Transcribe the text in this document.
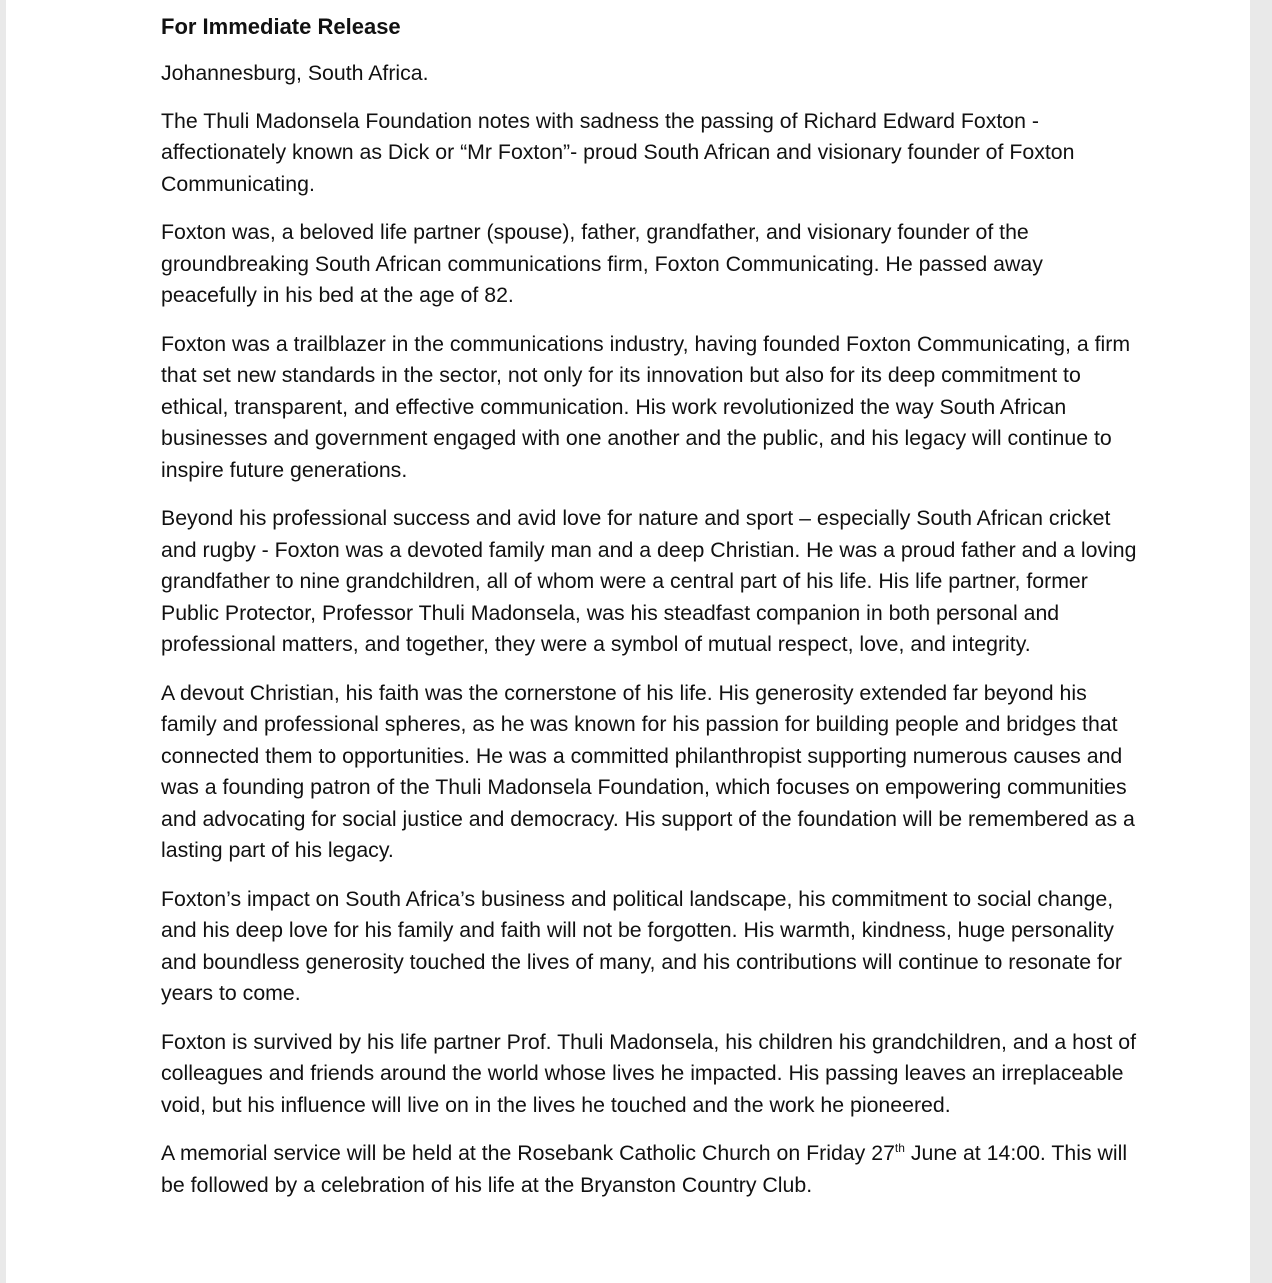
For Immediate Release

Johannesburg, South Africa.

The Thuli Madonsela Foundation notes with sadness the passing of Richard Edward Foxton - affectionately known as Dick or “Mr Foxton”- proud South African and visionary founder of Foxton Communicating.

Foxton was, a beloved life partner (spouse), father, grandfather, and visionary founder of the groundbreaking South African communications firm, Foxton Communicating. He passed away peacefully in his bed at the age of 82.

Foxton was a trailblazer in the communications industry, having founded Foxton Communicating, a firm that set new standards in the sector, not only for its innovation but also for its deep commitment to ethical, transparent, and effective communication. His work revolutionized the way South African businesses and government engaged with one another and the public, and his legacy will continue to inspire future generations.

Beyond his professional success and avid love for nature and sport – especially South African cricket and rugby - Foxton was a devoted family man and a deep Christian. He was a proud father and a loving grandfather to nine grandchildren, all of whom were a central part of his life. His life partner, former Public Protector, Professor Thuli Madonsela, was his steadfast companion in both personal and professional matters, and together, they were a symbol of mutual respect, love, and integrity.

A devout Christian, his faith was the cornerstone of his life. His generosity extended far beyond his family and professional spheres, as he was known for his passion for building people and bridges that connected them to opportunities. He was a committed philanthropist supporting numerous causes and was a founding patron of the Thuli Madonsela Foundation, which focuses on empowering communities and advocating for social justice and democracy. His support of the foundation will be remembered as a lasting part of his legacy.

Foxton’s impact on South Africa’s business and political landscape, his commitment to social change, and his deep love for his family and faith will not be forgotten. His warmth, kindness, huge personality and boundless generosity touched the lives of many, and his contributions will continue to resonate for years to come.

Foxton is survived by his life partner Prof. Thuli Madonsela, his children his grandchildren, and a host of colleagues and friends around the world whose lives he impacted. His passing leaves an irreplaceable void, but his influence will live on in the lives he touched and the work he pioneered.

A memorial service will be held at the Rosebank Catholic Church on Friday 27th June at 14:00. This will be followed by a celebration of his life at the Bryanston Country Club.
